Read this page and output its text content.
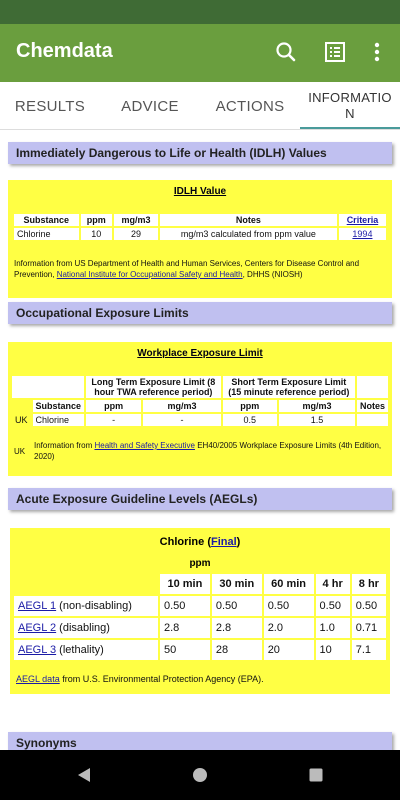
Chemdata
RESULTS	ADVICE	ACTIONS	INFORMATIO N
Immediately Dangerous to Life or Health (IDLH) Values
IDLH Value
Substance	ppm	mg/m3	Notes	Criteria
Chlorine	10	29	mg/m3 calculated from ppm value	1994
Information from US Department of Health and Human Services, Centers for Disease Control and Prevention, National Institute for Occupational Safety and Health, DHHS (NIOSH)
Occupational Exposure Limits
Workplace Exposure Limit
		Long Term Exposure Limit (8 hour TWA reference period)		Short Term Exposure Limit (15 minute reference period)		
	Substance	ppm	mg/m3	ppm	mg/m3	Notes
UK	Chlorine	-	-	0.5	1.5	
UK
Information from Health and Safety Executive EH40/2005 Workplace Exposure Limits (4th Edition, 2020)
Acute Exposure Guideline Levels (AEGLs)
Chlorine (Final)
ppm
	10 min	30 min	60 min	4 hr	8 hr
AEGL 1 (non-disabling)	0.50	0.50	0.50	0.50	0.50
AEGL 2 (disabling)	2.8	2.8	2.0	1.0	0.71
AEGL 3 (lethality)	50	28	20	10	7.1
AEGL data from U.S. Environmental Protection Agency (EPA).
Synonyms
